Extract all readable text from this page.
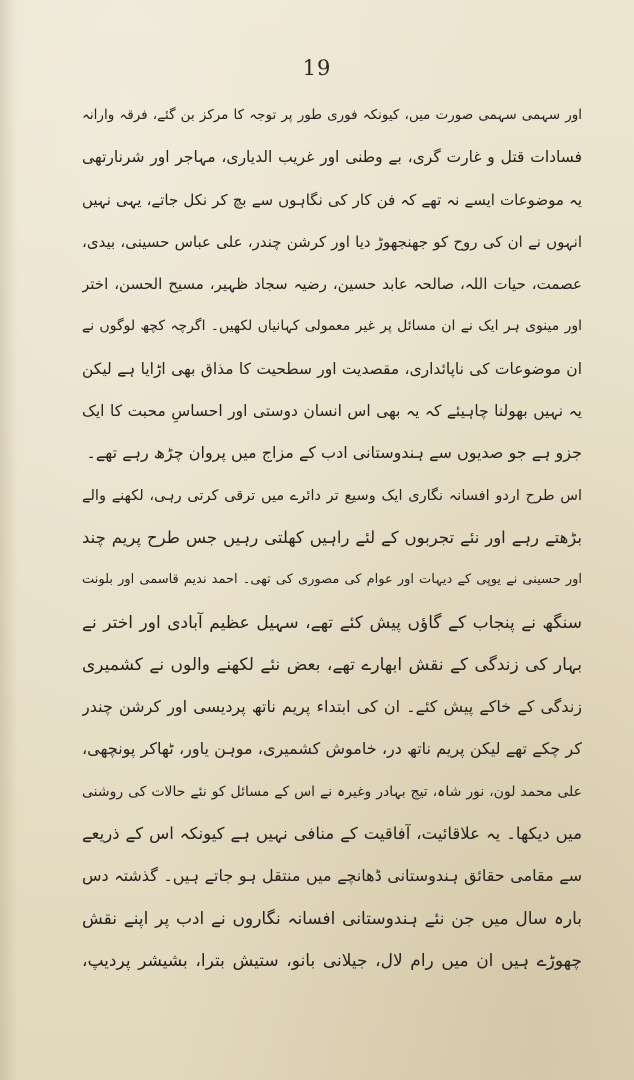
19
اور سہمی سہمی صورت میں، کیونکہ فوری طور پر توجہ کا مرکز بن گئے، فرقہ وارانہ
فسادات قتل و غارت گری، بے وطنی اور غریب الدیاری، مہاجر اور شرنارتھی
یہ موضوعات ایسے نہ تھے کہ فن کار کی نگاہوں سے بچ کر نکل جاتے، یہی نہیں
انہوں نے ان کی روح کو جھنجھوڑ دیا اور کرشن چندر، علی عباس حسینی، بیدی،
عصمت، حیات اللہ، صالحہ عابد حسین، رضیہ سجاد ظہیر، مسیح الحسن، اختر
اور مینوی ہر ایک نے ان مسائل پر غیر معمولی کہانیاں لکھیں۔ اگرچہ کچھ لوگوں نے
ان موضوعات کی ناپائداری، مقصدیت اور سطحیت کا مذاق بھی اڑایا ہے لیکن
یہ نہیں بھولنا چاہیئے کہ یہ بھی اس انسان دوستی اور احساسِ محبت کا ایک
جزو ہے جو صدیوں سے ہندوستانی ادب کے مزاج میں پروان چڑھ رہے تھے۔
اس طرح اردو افسانہ نگاری ایک وسیع تر دائرے میں ترقی کرتی رہی، لکھنے والے
بڑھتے رہے اور نئے تجربوں کے لئے راہیں کھلتی رہیں جس طرح پریم چند
اور حسینی نے یوپی کے دیہات اور عوام کی مصوری کی تھی۔ احمد ندیم قاسمی اور بلونت
سنگھ نے پنجاب کے گاؤں پیش کئے تھے، سہیل عظیم آبادی اور اختر نے
بہار کی زندگی کے نقش ابھارے تھے، بعض نئے لکھنے والوں نے کشمیری
زندگی کے خاکے پیش کئے۔ ان کی ابتداء پریم ناتھ پردیسی اور کرشن چندر
کر چکے تھے لیکن پریم ناتھ در، خاموش کشمیری، موہن یاور، ٹھاکر پونچھی،
علی محمد لون، نور شاہ، تیج بہادر وغیرہ نے اس کے مسائل کو نئے حالات کی روشنی
میں دیکھا۔ یہ علاقائیت، آفاقیت کے منافی نہیں ہے کیونکہ اس کے ذریعے
سے مقامی حقائق ہندوستانی ڈھانچے میں منتقل ہو جاتے ہیں۔ گذشتہ دس
بارہ سال میں جن نئے ہندوستانی افسانہ نگاروں نے ادب پر اپنے نقش
چھوڑے ہیں ان میں رام لال، جیلانی بانو، ستیش بترا، بشیشر پردیپ،
